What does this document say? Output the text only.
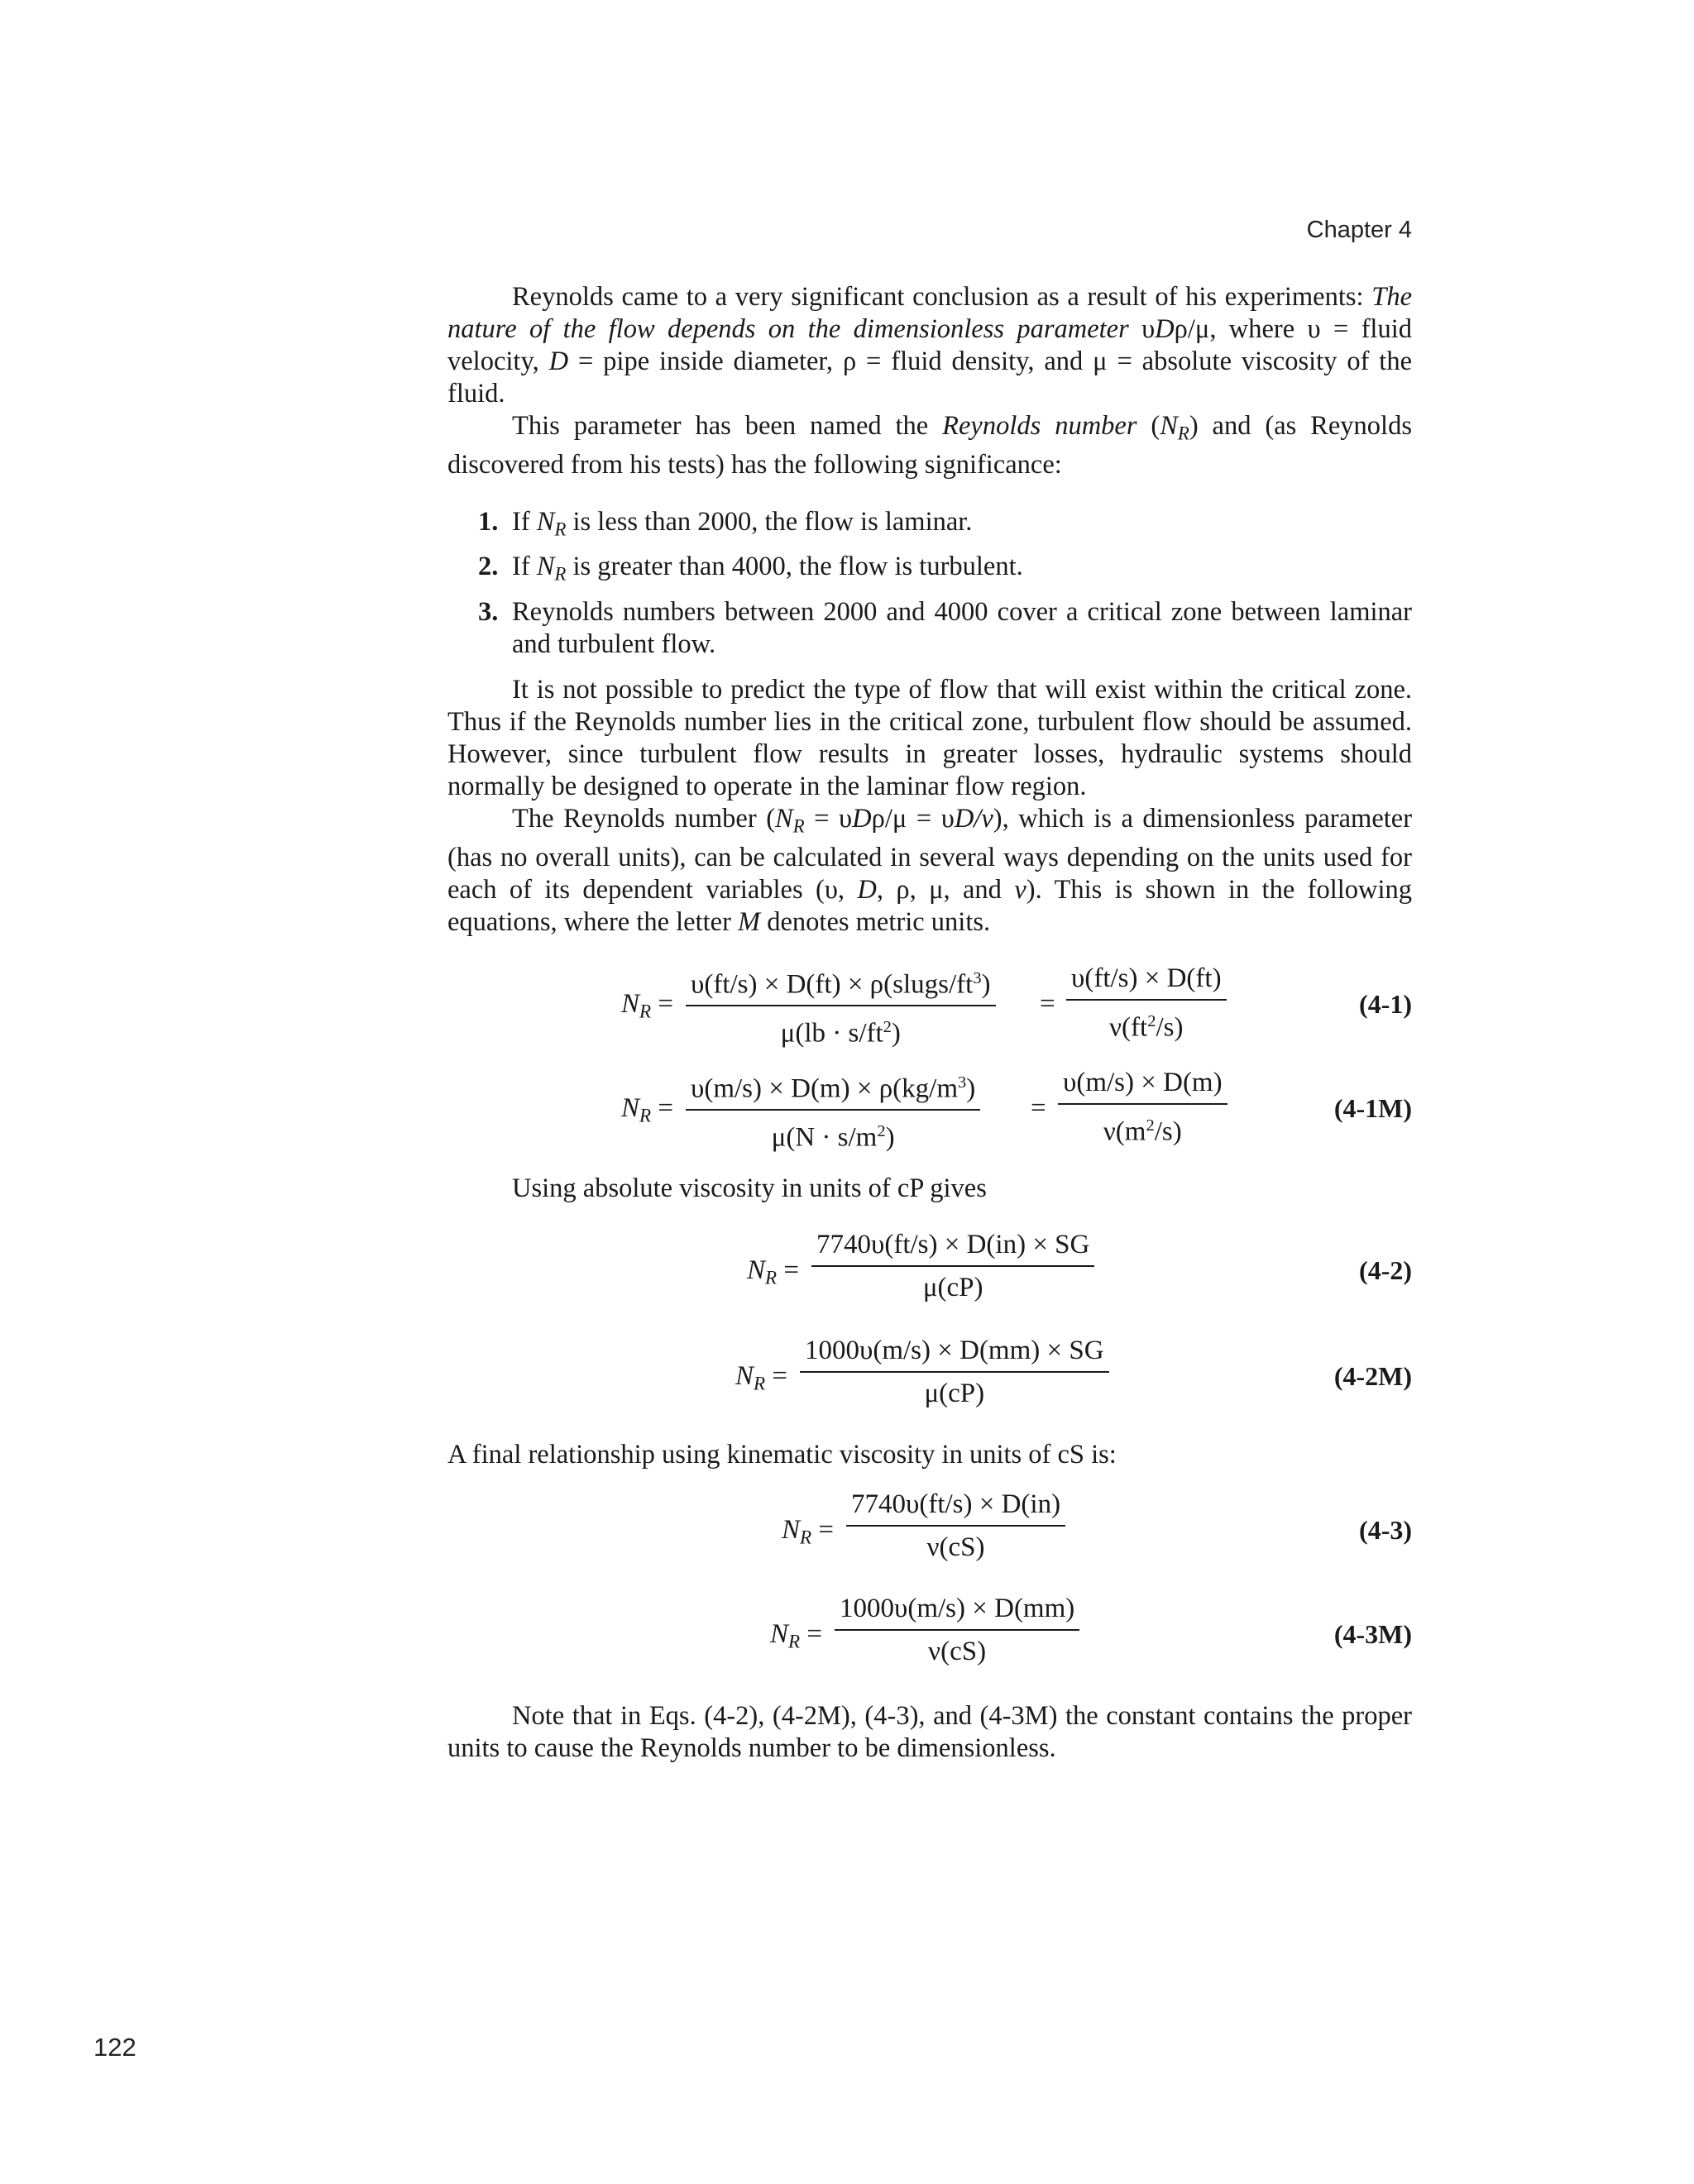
Chapter 4

Reynolds came to a very significant conclusion as a result of his experiments: The nature of the flow depends on the dimensionless parameter υDρ/μ, where υ = fluid velocity, D = pipe inside diameter, ρ = fluid density, and μ = absolute viscosity of the fluid.

This parameter has been named the Reynolds number $(N_R)$ and (as Reynolds discovered from his tests) has the following significance:

1. If $N_R$ is less than 2000, the flow is laminar.
2. If $N_R$ is greater than 4000, the flow is turbulent.
3. Reynolds numbers between 2000 and 4000 cover a critical zone between laminar and turbulent flow.

It is not possible to predict the type of flow that will exist within the critical zone. Thus if the Reynolds number lies in the critical zone, turbulent flow should be assumed. However, since turbulent flow results in greater losses, hydraulic systems should normally be designed to operate in the laminar flow region.

The Reynolds number $(N_R = \upsilon D\rho/\mu = \upsilon D/v)$, which is a dimensionless parameter (has no overall units), can be calculated in several ways depending on the units used for each of its dependent variables (υ, D, ρ, μ, and v). This is shown in the following equations, where the letter M denotes metric units.

$N_R$ =
$\upsilon(ft/s) \times D(ft) \times \rho(slugs/ft^3)$
$\mu(lb \cdot s/ft^2)$
= $\frac{\upsilon(ft/s) \times D(ft)}{\nu(ft^2/s)}$	(4-1)
$N_R = \frac{\upsilon(m/s) \times D(m) \times \rho(kg/m^3)}{\mu(N \cdot s/m^2)} = \frac{\upsilon(m/s) \times D(m)}{\nu(m^2/s)}$	(4-1M)

Using absolute viscosity in units of cP gives

$N_R = \frac{7740\upsilon(ft/s) \times D(in) \times SG}{\mu(cP)}$	(4-2)
$N_R = \frac{1000\upsilon(m/s) \times D(mm) \times SG}{\mu(cP)}$	(4-2M)

A final relationship using kinematic viscosity in units of cS is:

$N_R = \frac{7740\upsilon(ft/s) \times D(in)}{\nu(cS)}$	(4-3)
$N_R = \frac{1000\upsilon(m/s) \times D(mm)}{\nu(cS)}$	(4-3M)

Note that in Eqs. (4-2), (4-2M), (4-3), and (4-3M) the constant contains the proper units to cause the Reynolds number to be dimensionless.

122
